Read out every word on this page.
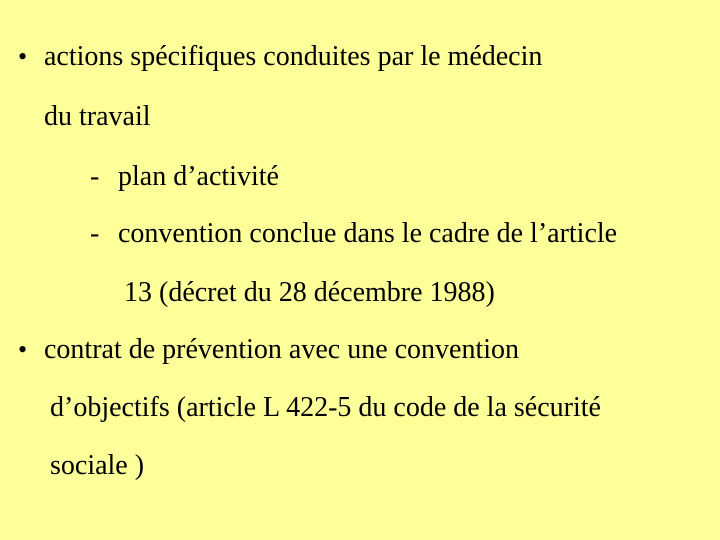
• actions spécifiques conduites par le médecin
du travail
- plan d’activité
- convention conclue dans le cadre de l’article
13 (décret du 28 décembre 1988)
• contrat de prévention avec une convention
d’objectifs (article L 422-5 du code de la sécurité
sociale )
